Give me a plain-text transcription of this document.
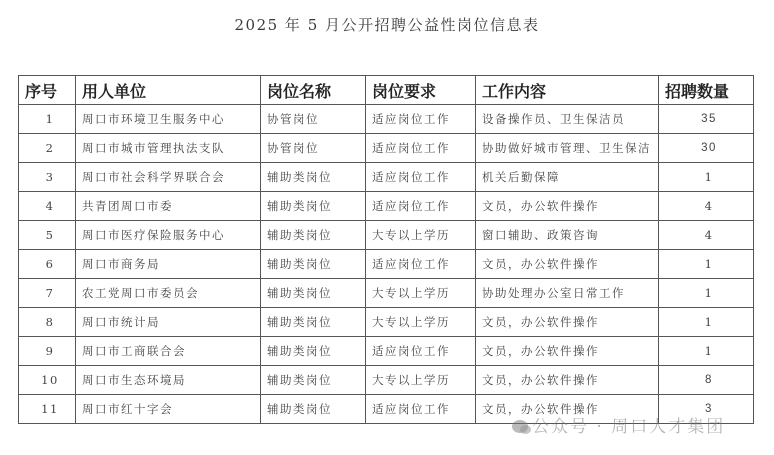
2025 年 5 月公开招聘公益性岗位信息表
序号	用人单位	岗位名称	岗位要求	工作内容	招聘数量
1	周口市环境卫生服务中心	协管岗位	适应岗位工作	设备操作员、卫生保洁员	35
2	周口市城市管理执法支队	协管岗位	适应岗位工作	协助做好城市管理、卫生保洁	30
3	周口市社会科学界联合会	辅助类岗位	适应岗位工作	机关后勤保障	1
4	共青团周口市委	辅助类岗位	适应岗位工作	文员，办公软件操作	4
5	周口市医疗保险服务中心	辅助类岗位	大专以上学历	窗口辅助、政策咨询	4
6	周口市商务局	辅助类岗位	适应岗位工作	文员，办公软件操作	1
7	农工党周口市委员会	辅助类岗位	大专以上学历	协助处理办公室日常工作	1
8	周口市统计局	辅助类岗位	大专以上学历	文员，办公软件操作	1
9	周口市工商联合会	辅助类岗位	适应岗位工作	文员，办公软件操作	1
10	周口市生态环境局	辅助类岗位	大专以上学历	文员，办公软件操作	8
11	周口市红十字会	辅助类岗位	适应岗位工作	文员，办公软件操作	3
公众号 · 周口人才集团
